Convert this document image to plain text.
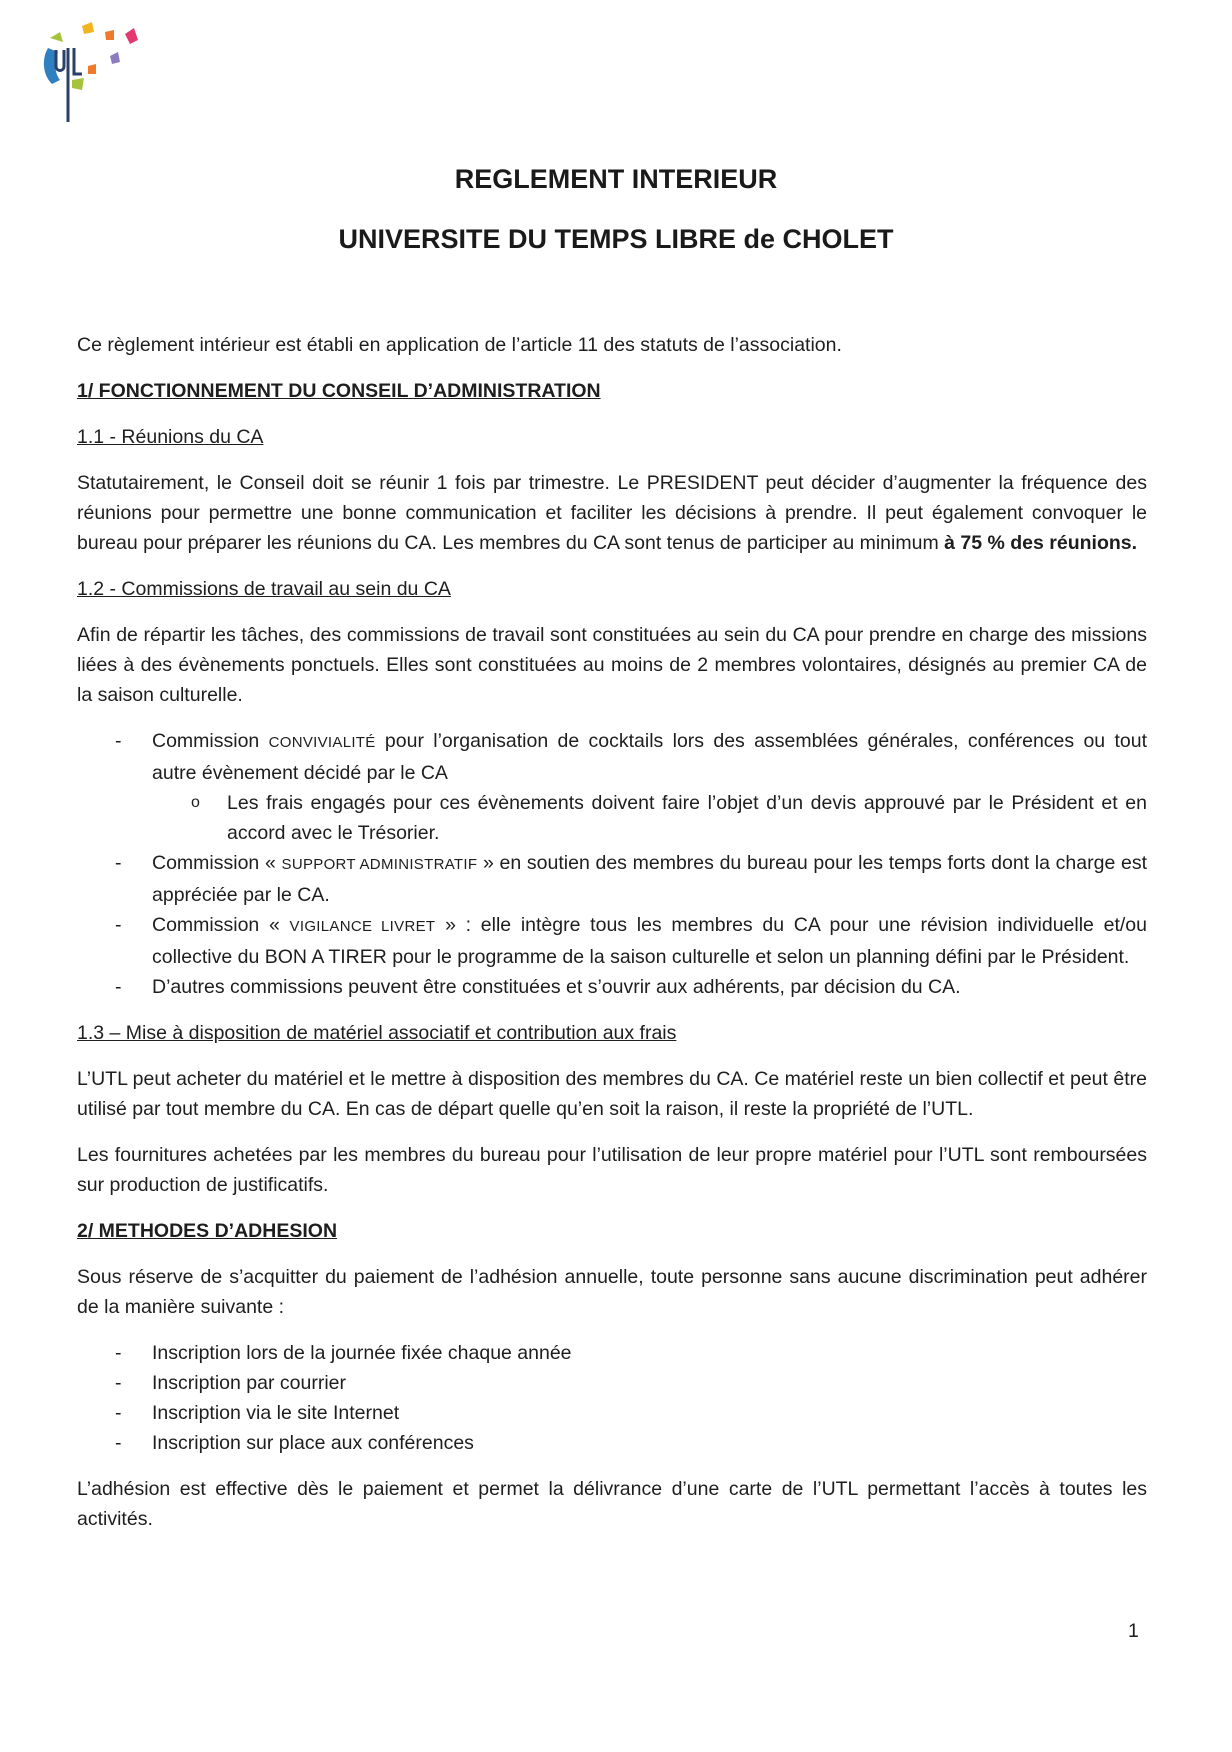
REGLEMENT INTERIEUR
UNIVERSITE DU TEMPS LIBRE de CHOLET

Ce règlement intérieur est établi en application de l’article 11 des statuts de l’association.

1/ FONCTIONNEMENT DU CONSEIL D’ADMINISTRATION
1.1 - Réunions du CA

Statutairement, le Conseil doit se réunir 1 fois par trimestre. Le PRESIDENT peut décider d’augmenter la fréquence des réunions pour permettre une bonne communication et faciliter les décisions à prendre. Il peut également convoquer le bureau pour préparer les réunions du CA. Les membres du CA sont tenus de participer au minimum à 75 % des réunions.

1.2 - Commissions de travail au sein du CA

Afin de répartir les tâches, des commissions de travail sont constituées au sein du CA pour prendre en charge des missions liées à des évènements ponctuels. Elles sont constituées au moins de 2 membres volontaires, désignés au premier CA de la saison culturelle.

- Commission CONVIVIALITÉ pour l’organisation de cocktails lors des assemblées générales, conférences ou tout autre évènement décidé par le CA
o Les frais engagés pour ces évènements doivent faire l’objet d’un devis approuvé par le Président et en accord avec le Trésorier.
- Commission « SUPPORT ADMINISTRATIF » en soutien des membres du bureau pour les temps forts dont la charge est appréciée par le CA.
- Commission « VIGILANCE LIVRET » : elle intègre tous les membres du CA pour une révision individuelle et/ou collective du BON A TIRER pour le programme de la saison culturelle et selon un planning défini par le Président.
- D’autres commissions peuvent être constituées et s’ouvrir aux adhérents, par décision du CA.
1.3 – Mise à disposition de matériel associatif et contribution aux frais

L’UTL peut acheter du matériel et le mettre à disposition des membres du CA. Ce matériel reste un bien collectif et peut être utilisé par tout membre du CA. En cas de départ quelle qu’en soit la raison, il reste la propriété de l’UTL.

Les fournitures achetées par les membres du bureau pour l’utilisation de leur propre matériel pour l’UTL sont remboursées sur production de justificatifs.

2/ METHODES D’ADHESION

Sous réserve de s’acquitter du paiement de l’adhésion annuelle, toute personne sans aucune discrimination peut adhérer de la manière suivante :

- Inscription lors de la journée fixée chaque année
- Inscription par courrier
- Inscription via le site Internet
- Inscription sur place aux conférences

L’adhésion est effective dès le paiement et permet la délivrance d’une carte de l’UTL permettant l’accès à toutes les activités.

1
